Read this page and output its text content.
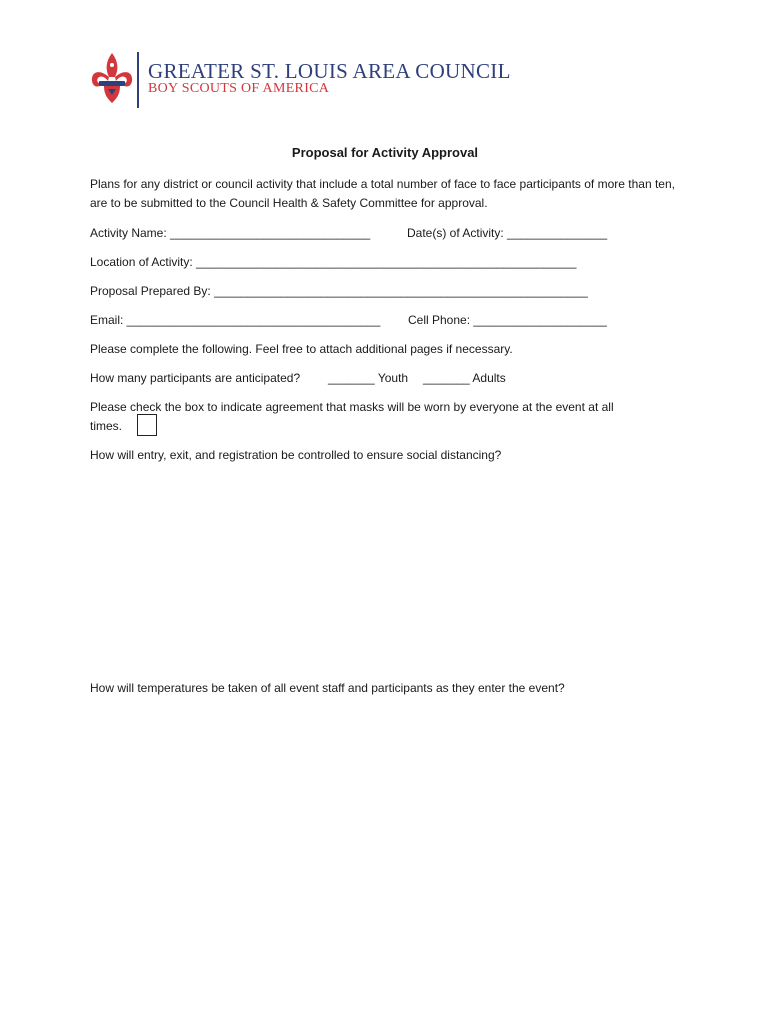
GREATER ST. LOUIS AREA COUNCIL
BOY SCOUTS OF AMERICA
Proposal for Activity Approval
Plans for any district or council activity that include a total number of face to face participants of more than ten, are to be submitted to the Council Health & Safety Committee for approval.
Activity Name: ______________________________	Date(s) of Activity: _______________
Location of Activity: _________________________________________________________
Proposal Prepared By: ________________________________________________________
Email: ______________________________________ Cell Phone: ____________________
Please complete the following. Feel free to attach additional pages if necessary.
How many participants are anticipated? _______ Youth _______ Adults
Please check the box to indicate agreement that masks will be worn by everyone at the event at all
times.
How will entry, exit, and registration be controlled to ensure social distancing?
How will temperatures be taken of all event staff and participants as they enter the event?
